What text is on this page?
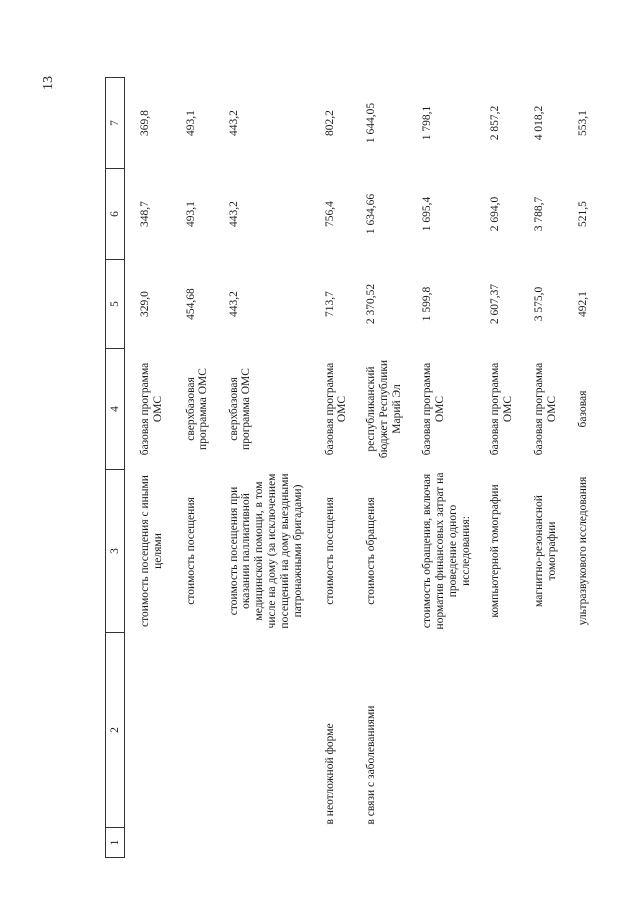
13
1	2	3	4	5	6	7
		стоимость посещения с иными целями	базовая программа ОМС	329,0	348,7	369,8
		стоимость посещения	сверхбазовая программа ОМС	454,68	493,1	493,1
		стоимость посещения при оказании паллиативной медицинской помощи, в том числе на дому (за исключением посещений на дому выездными патронажными бригадами)	сверхбазовая программа ОМС	443,2	443,2	443,2
	в неотложной форме	стоимость посещения	базовая программа ОМС	713,7	756,4	802,2
	в связи с заболеваниями	стоимость обращения	республиканский бюджет Республики Марий Эл	2 370,52	1 634,66	1 644,05
		стоимость обращения, включая норматив финансовых затрат на проведение одного исследования:	базовая программа ОМС	1 599,8	1 695,4	1 798,1
		компьютерной томографии	базовая программа ОМС	2 607,37	2 694,0	2 857,2
		магнитно-резонансной томографии	базовая программа ОМС	3 575,0	3 788,7	4 018,2
		ультразвукового исследования	базовая	492,1	521,5	553,1
